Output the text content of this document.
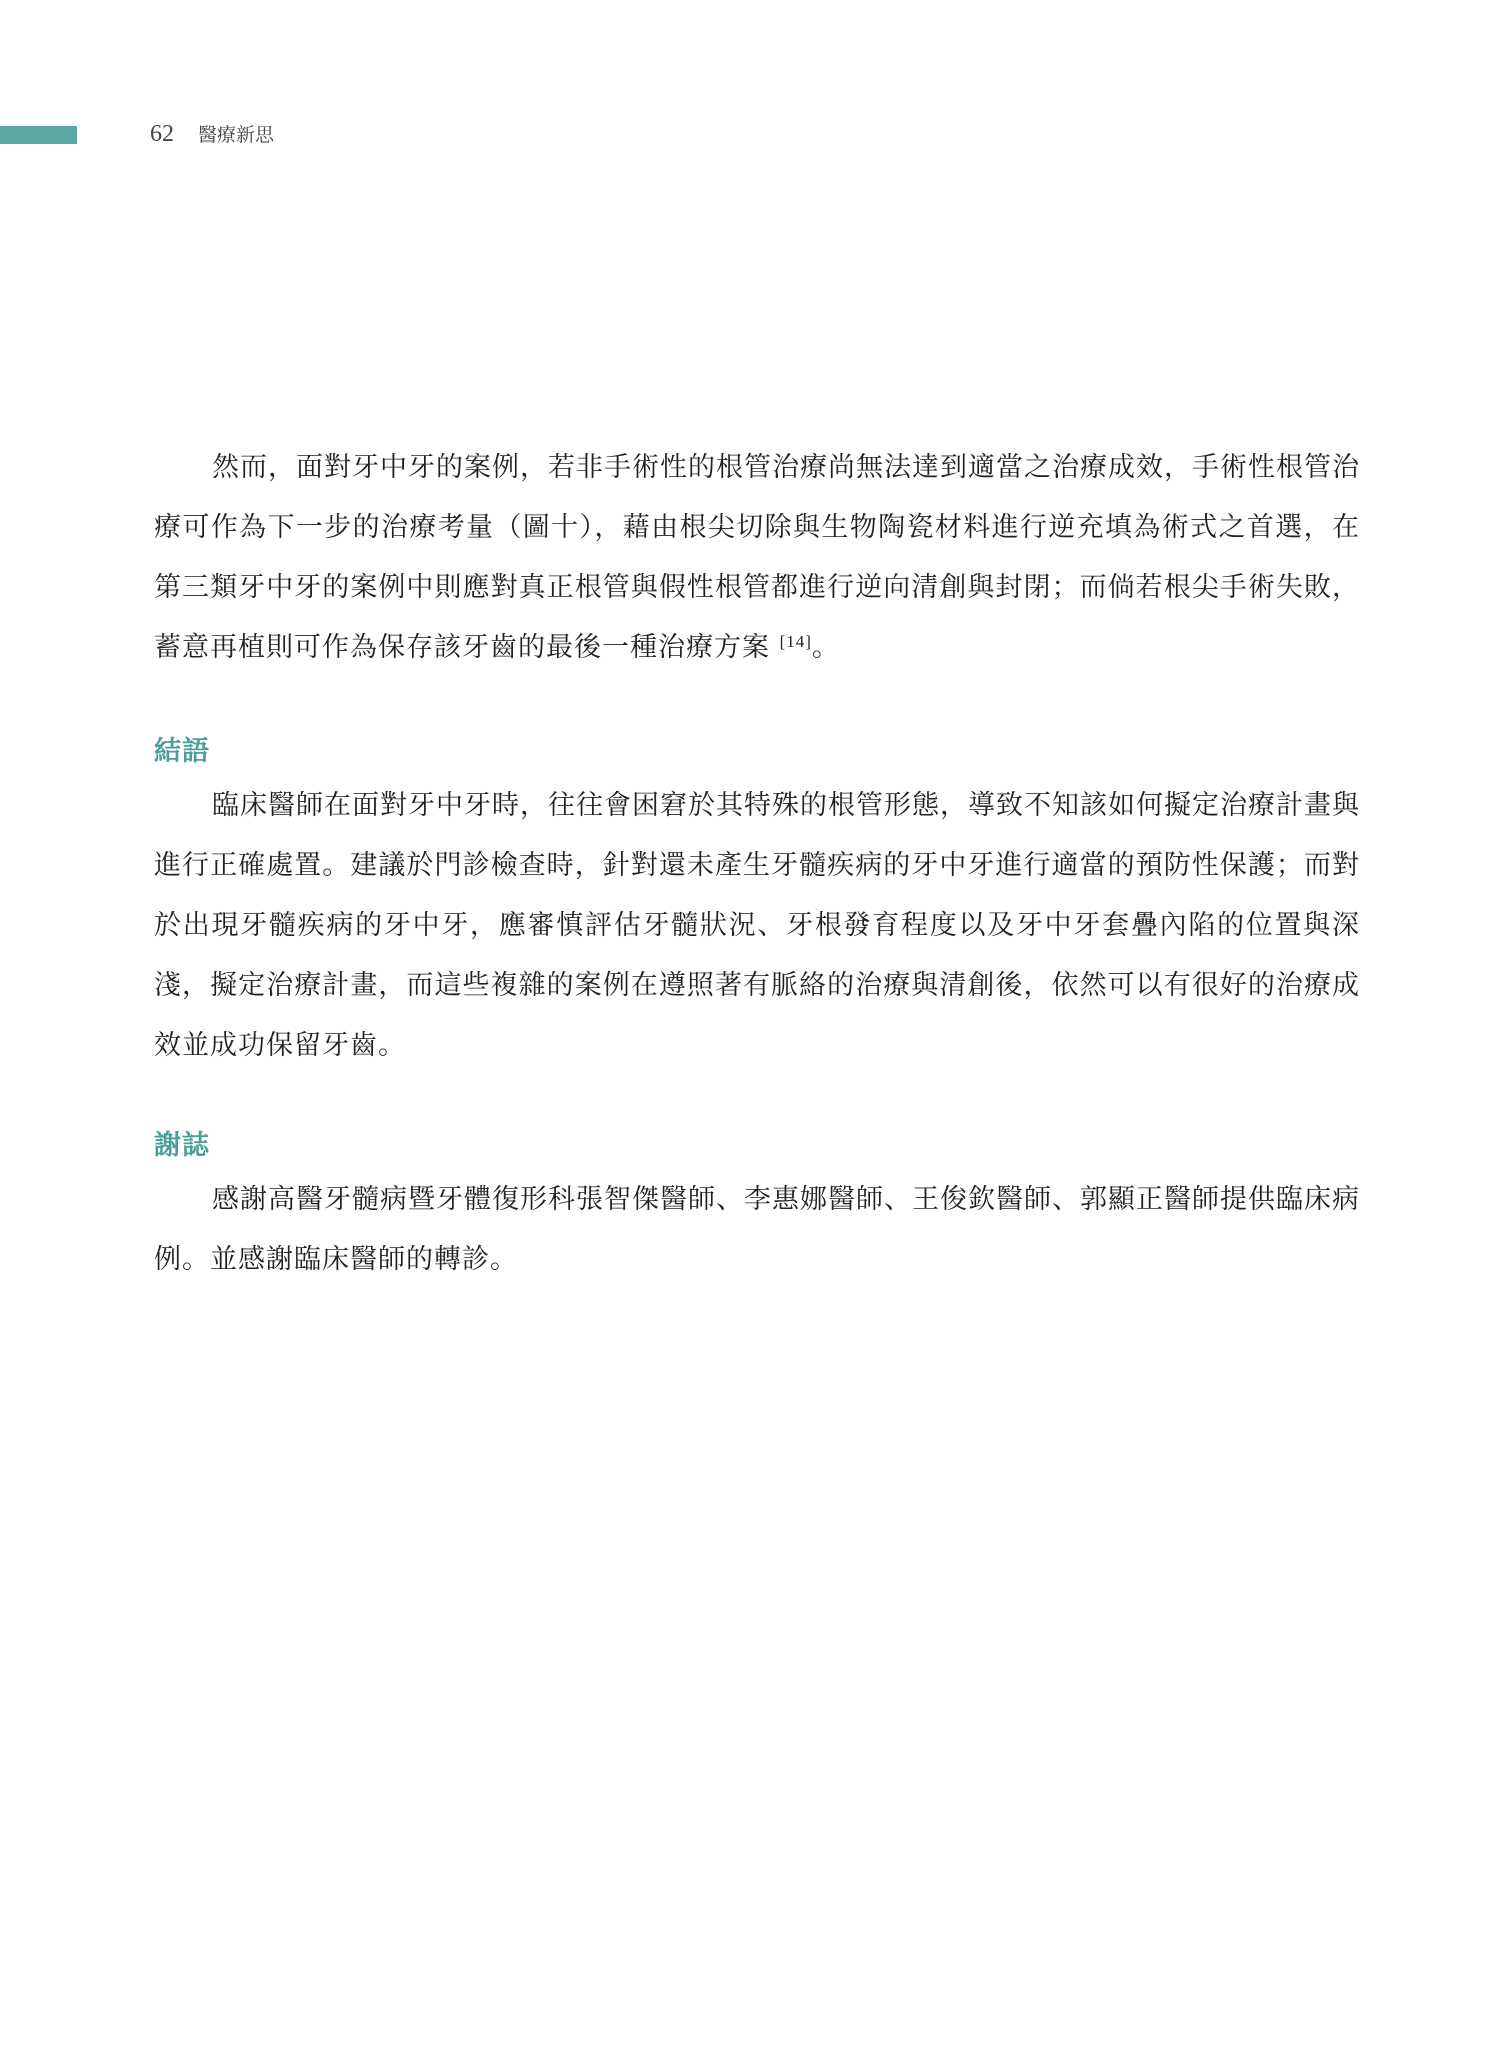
62 醫療新思

然而，面對牙中牙的案例，若非手術性的根管治療尚無法達到適當之治療成效，手術性根管治療可作為下一步的治療考量（圖十），藉由根尖切除與生物陶瓷材料進行逆充填為術式之首選，在第三類牙中牙的案例中則應對真正根管與假性根管都進行逆向清創與封閉；而倘若根尖手術失敗，蓄意再植則可作為保存該牙齒的最後一種治療方案 [14]。

結語

臨床醫師在面對牙中牙時，往往會困窘於其特殊的根管形態，導致不知該如何擬定治療計畫與進行正確處置。建議於門診檢查時，針對還未產生牙髓疾病的牙中牙進行適當的預防性保護；而對於出現牙髓疾病的牙中牙，應審慎評估牙髓狀況、牙根發育程度以及牙中牙套疊內陷的位置與深淺，擬定治療計畫，而這些複雜的案例在遵照著有脈絡的治療與清創後，依然可以有很好的治療成效並成功保留牙齒。

謝誌

感謝高醫牙髓病暨牙體復形科張智傑醫師、李惠娜醫師、王俊欽醫師、郭顯正醫師提供臨床病例。並感謝臨床醫師的轉診。
